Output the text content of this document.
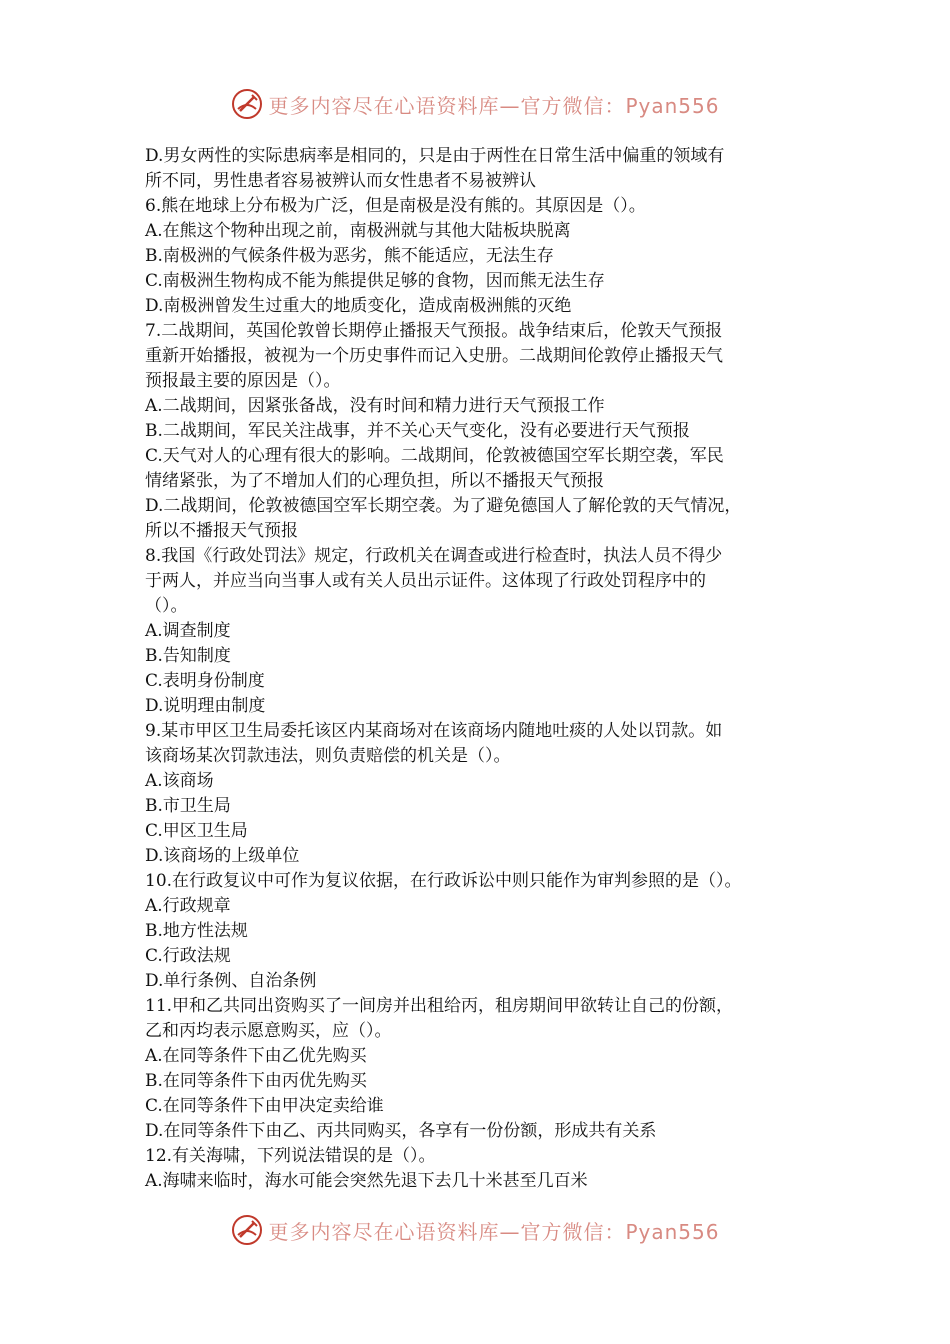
更多内容尽在心语资料库—官方微信：Pyan556
D.男女两性的实际患病率是相同的，只是由于两性在日常生活中偏重的领域有
所不同，男性患者容易被辨认而女性患者不易被辨认
6.熊在地球上分布极为广泛，但是南极是没有熊的。其原因是（）。
A.在熊这个物种出现之前，南极洲就与其他大陆板块脱离
B.南极洲的气候条件极为恶劣，熊不能适应，无法生存
C.南极洲生物构成不能为熊提供足够的食物，因而熊无法生存
D.南极洲曾发生过重大的地质变化，造成南极洲熊的灭绝
7.二战期间，英国伦敦曾长期停止播报天气预报。战争结束后，伦敦天气预报
重新开始播报，被视为一个历史事件而记入史册。二战期间伦敦停止播报天气
预报最主要的原因是（）。
A.二战期间，因紧张备战，没有时间和精力进行天气预报工作
B.二战期间，军民关注战事，并不关心天气变化，没有必要进行天气预报
C.天气对人的心理有很大的影响。二战期间，伦敦被德国空军长期空袭，军民
情绪紧张，为了不增加人们的心理负担，所以不播报天气预报
D.二战期间，伦敦被德国空军长期空袭。为了避免德国人了解伦敦的天气情况，
所以不播报天气预报
8.我国《行政处罚法》规定，行政机关在调查或进行检查时，执法人员不得少
于两人，并应当向当事人或有关人员出示证件。这体现了行政处罚程序中的
（）。
A.调查制度
B.告知制度
C.表明身份制度
D.说明理由制度
9.某市甲区卫生局委托该区内某商场对在该商场内随地吐痰的人处以罚款。如
该商场某次罚款违法，则负责赔偿的机关是（）。
A.该商场
B.市卫生局
C.甲区卫生局
D.该商场的上级单位
10.在行政复议中可作为复议依据，在行政诉讼中则只能作为审判参照的是（）。
A.行政规章
B.地方性法规
C.行政法规
D.单行条例、自治条例
11.甲和乙共同出资购买了一间房并出租给丙，租房期间甲欲转让自己的份额，
乙和丙均表示愿意购买，应（）。
A.在同等条件下由乙优先购买
B.在同等条件下由丙优先购买
C.在同等条件下由甲决定卖给谁
D.在同等条件下由乙、丙共同购买，各享有一份份额，形成共有关系
12.有关海啸，下列说法错误的是（）。
A.海啸来临时，海水可能会突然先退下去几十米甚至几百米
更多内容尽在心语资料库—官方微信：Pyan556
